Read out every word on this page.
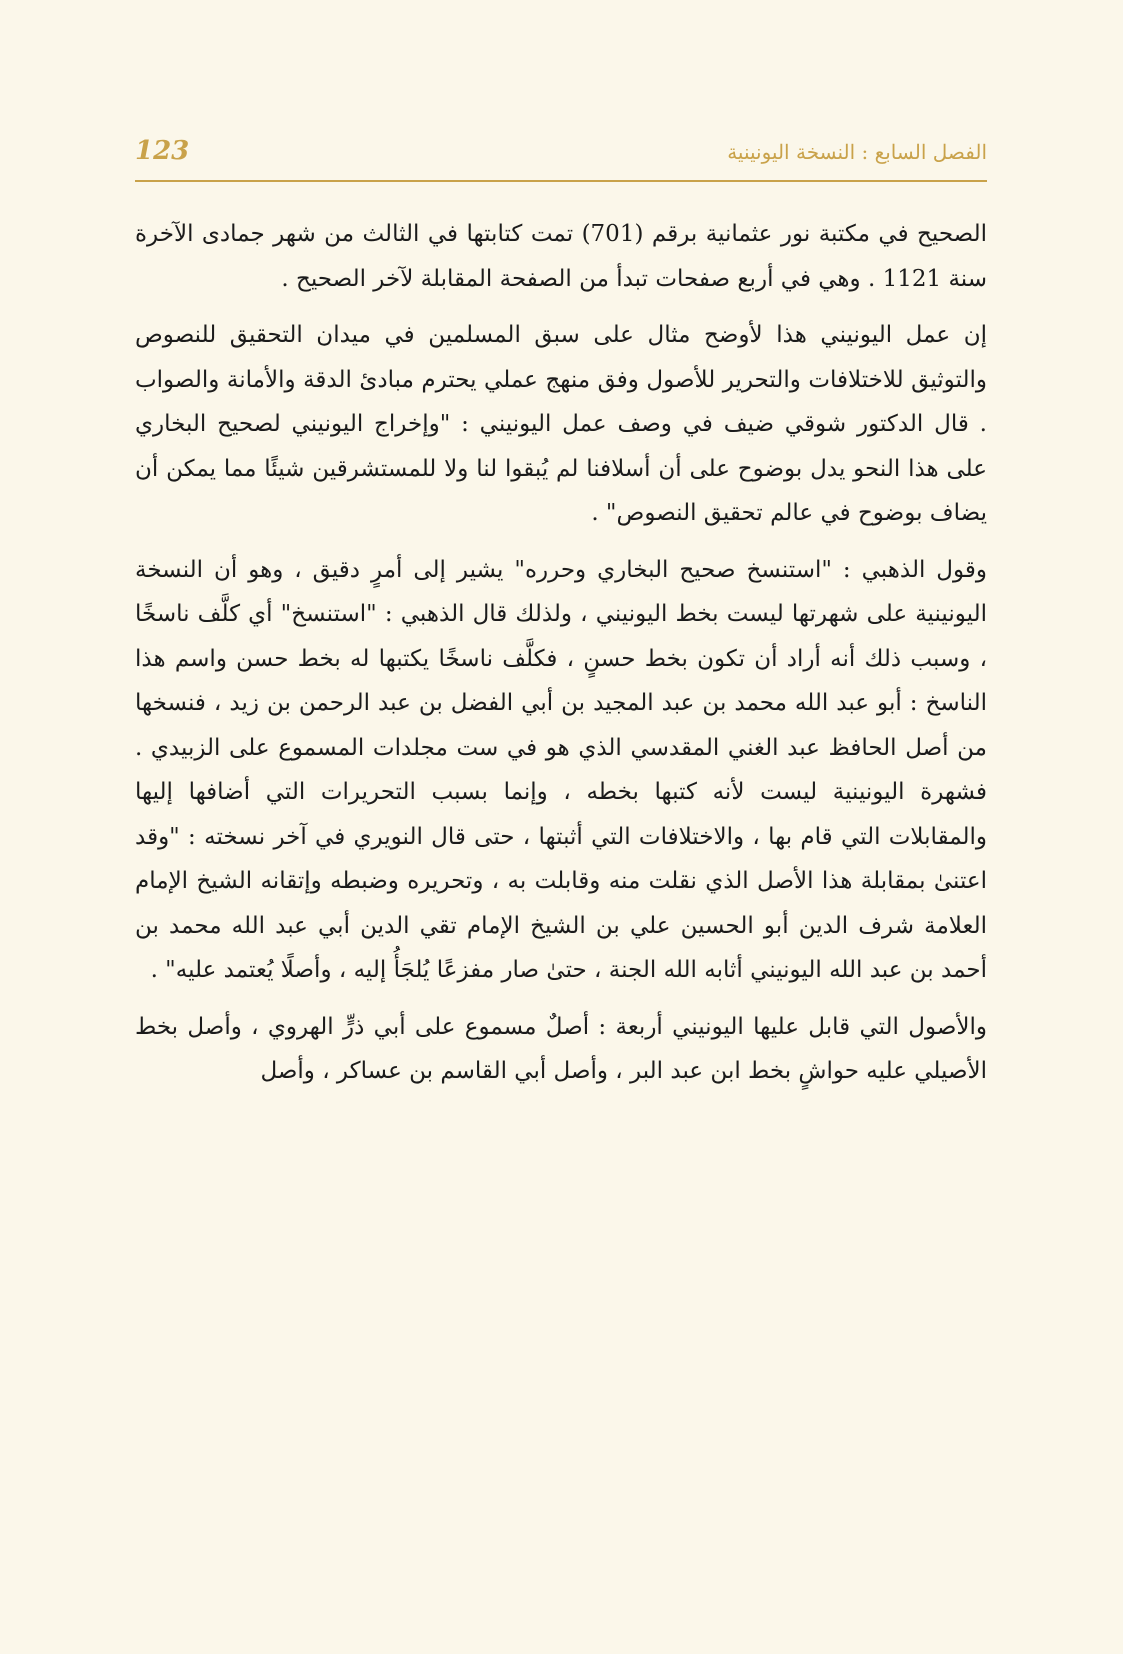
الفصل السابع : النسخة اليونينية
123

الصحيح في مكتبة نور عثمانية برقم (701) تمت كتابتها في الثالث من شهر جمادى الآخرة سنة 1121 . وهي في أربع صفحات تبدأ من الصفحة المقابلة لآخر الصحيح .

إن عمل اليونيني هذا لأوضح مثال على سبق المسلمين في ميدان التحقيق للنصوص والتوثيق للاختلافات والتحرير للأصول وفق منهج عملي يحترم مبادئ الدقة والأمانة والصواب . قال الدكتور شوقي ضيف في وصف عمل اليونيني : "وإخراج اليونيني لصحيح البخاري على هذا النحو يدل بوضوح على أن أسلافنا لم يُبقوا لنا ولا للمستشرقين شيئًا مما يمكن أن يضاف بوضوح في عالم تحقيق النصوص" .

وقول الذهبي : "استنسخ صحيح البخاري وحرره" يشير إلى أمرٍ دقيق ، وهو أن النسخة اليونينية على شهرتها ليست بخط اليونيني ، ولذلك قال الذهبي : "استنسخ" أي كلَّف ناسخًا ، وسبب ذلك أنه أراد أن تكون بخط حسنٍ ، فكلَّف ناسخًا يكتبها له بخط حسن واسم هذا الناسخ : أبو عبد الله محمد بن عبد المجيد بن أبي الفضل بن عبد الرحمن بن زيد ، فنسخها من أصل الحافظ عبد الغني المقدسي الذي هو في ست مجلدات المسموع على الزبيدي . فشهرة اليونينية ليست لأنه كتبها بخطه ، وإنما بسبب التحريرات التي أضافها إليها والمقابلات التي قام بها ، والاختلافات التي أثبتها ، حتى قال النويري في آخر نسخته : "وقد اعتنىٰ بمقابلة هذا الأصل الذي نقلت منه وقابلت به ، وتحريره وضبطه وإتقانه الشيخ الإمام العلامة شرف الدين أبو الحسين علي بن الشيخ الإمام تقي الدين أبي عبد الله محمد بن أحمد بن عبد الله اليونيني أثابه الله الجنة ، حتىٰ صار مفزعًا يُلجَأُ إليه ، وأصلًا يُعتمد عليه" .

والأصول التي قابل عليها اليونيني أربعة : أصلٌ مسموع على أبي ذرٍّ الهروي ، وأصل بخط الأصيلي عليه حواشٍ بخط ابن عبد البر ، وأصل أبي القاسم بن عساكر ، وأصل
